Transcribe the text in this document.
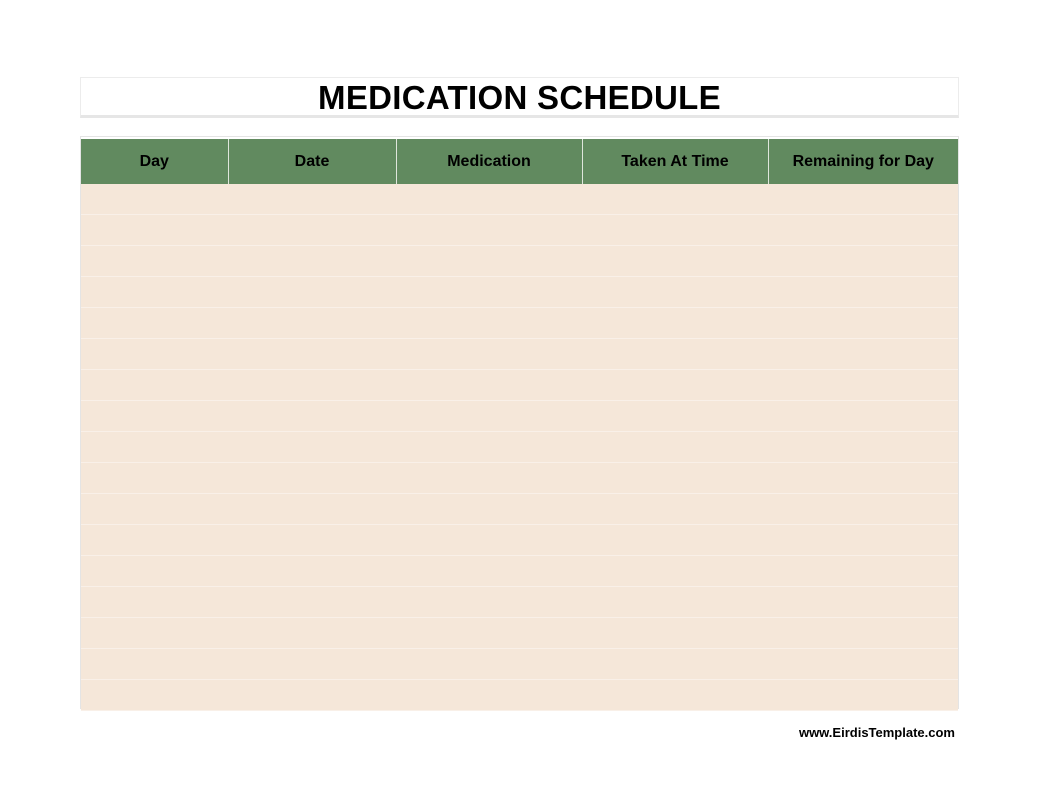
MEDICATION SCHEDULE
Day	Date	Medication	Taken At Time	Remaining for Day

www.EirdisTemplate.com
